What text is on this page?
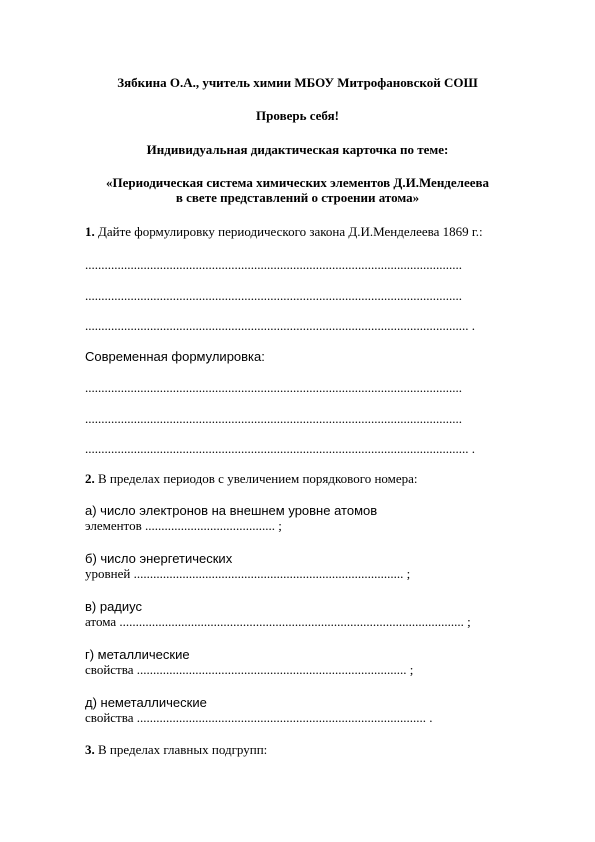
Зябкина О.А., учитель химии МБОУ Митрофановской СОШ
Проверь себя!
Индивидуальная дидактическая карточка по теме:
«Периодическая система химических элементов Д.И.Менделеева
в свете представлений о строении атома»
1. Дайте формулировку периодического закона Д.И.Менделеева 1869 г.:
....................................................................................................................
....................................................................................................................
...................................................................................................................... .
Современная формулировка:
....................................................................................................................
....................................................................................................................
...................................................................................................................... .
2. В пределах периодов с увеличением порядкового номера:
а) число электронов на внешнем уровне атомов
элементов ........................................ ;
б) число энергетических
уровней ................................................................................... ;
в) радиус
атома .......................................................................................................... ;
г) металлические
свойства ................................................................................... ;
д) неметаллические
свойства ......................................................................................... .
3. В пределах главных подгрупп:
